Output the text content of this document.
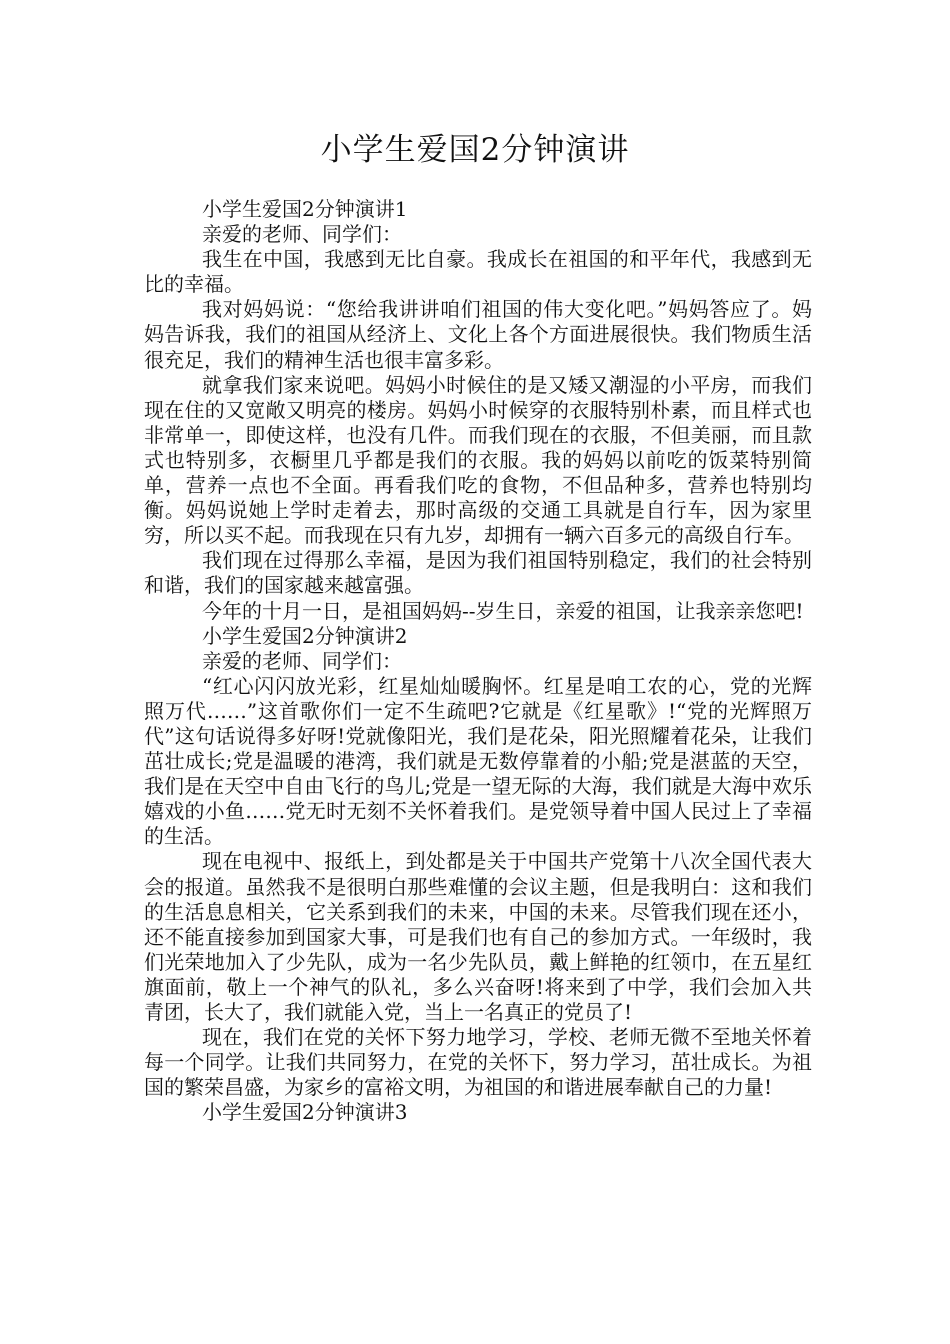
小学生爱国2分钟演讲

小学生爱国2分钟演讲1

亲爱的老师、同学们：

我生在中国，我感到无比自豪。我成长在祖国的和平年代，我感到无比的幸福。

我对妈妈说：“您给我讲讲咱们祖国的伟大变化吧。”妈妈答应了。妈妈告诉我，我们的祖国从经济上、文化上各个方面进展很快。我们物质生活很充足，我们的精神生活也很丰富多彩。

就拿我们家来说吧。妈妈小时候住的是又矮又潮湿的小平房，而我们现在住的又宽敞又明亮的楼房。妈妈小时候穿的衣服特别朴素，而且样式也非常单一，即使这样，也没有几件。而我们现在的衣服，不但美丽，而且款式也特别多，衣橱里几乎都是我们的衣服。我的妈妈以前吃的饭菜特别简单，营养一点也不全面。再看我们吃的食物，不但品种多，营养也特别均衡。妈妈说她上学时走着去，那时高级的交通工具就是自行车，因为家里穷，所以买不起。而我现在只有九岁，却拥有一辆六百多元的高级自行车。

我们现在过得那么幸福，是因为我们祖国特别稳定，我们的社会特别和谐，我们的国家越来越富强。

今年的十月一日，是祖国妈妈--岁生日，亲爱的祖国，让我亲亲您吧!

小学生爱国2分钟演讲2

亲爱的老师、同学们：

“红心闪闪放光彩，红星灿灿暖胸怀。红星是咱工农的心，党的光辉照万代……”这首歌你们一定不生疏吧?它就是《红星歌》!“党的光辉照万代”这句话说得多好呀!党就像阳光，我们是花朵，阳光照耀着花朵，让我们茁壮成长;党是温暖的港湾，我们就是无数停靠着的小船;党是湛蓝的天空，我们是在天空中自由飞行的鸟儿;党是一望无际的大海，我们就是大海中欢乐嬉戏的小鱼……党无时无刻不关怀着我们。是党领导着中国人民过上了幸福的生活。

现在电视中、报纸上，到处都是关于中国共产党第十八次全国代表大会的报道。虽然我不是很明白那些难懂的会议主题，但是我明白：这和我们的生活息息相关，它关系到我们的未来，中国的未来。尽管我们现在还小，还不能直接参加到国家大事，可是我们也有自己的参加方式。一年级时，我们光荣地加入了少先队，成为一名少先队员，戴上鲜艳的红领巾，在五星红旗面前，敬上一个神气的队礼，多么兴奋呀!将来到了中学，我们会加入共青团，长大了，我们就能入党，当上一名真正的党员了!

现在，我们在党的关怀下努力地学习，学校、老师无微不至地关怀着每一个同学。让我们共同努力，在党的关怀下，努力学习，茁壮成长。为祖国的繁荣昌盛，为家乡的富裕文明，为祖国的和谐进展奉献自己的力量!

小学生爱国2分钟演讲3
